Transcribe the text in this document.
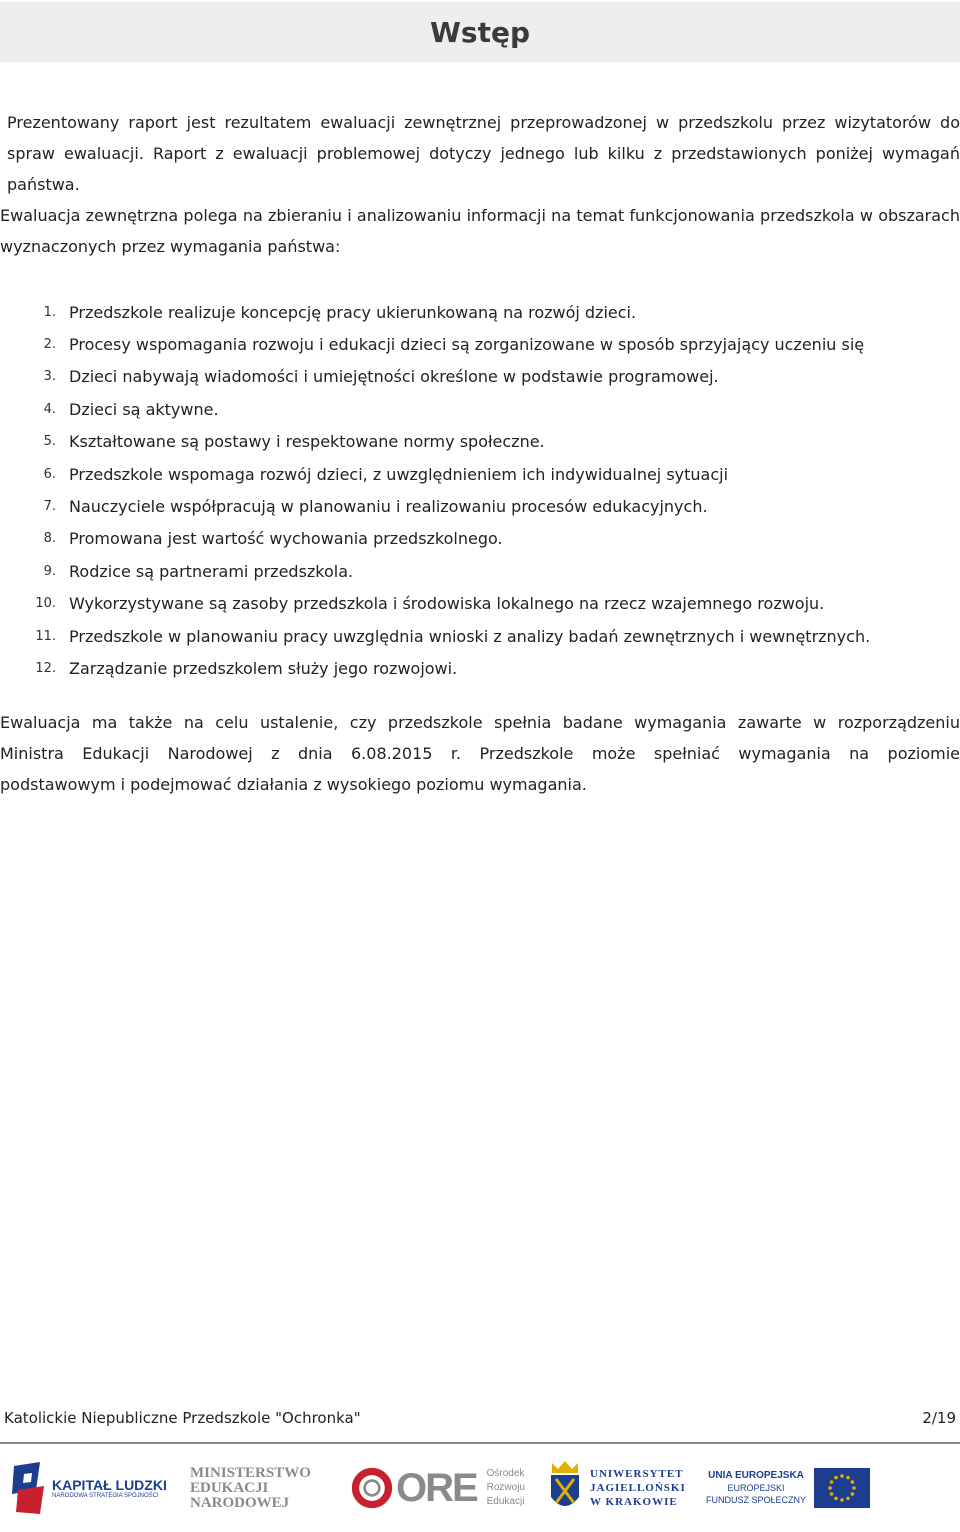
Wstęp

Prezentowany raport jest rezultatem ewaluacji zewnętrznej przeprowadzonej w przedszkolu przez wizytatorów do spraw ewaluacji. Raport z ewaluacji problemowej dotyczy jednego lub kilku z przedstawionych poniżej wymagań państwa.

Ewaluacja zewnętrzna polega na zbieraniu i analizowaniu informacji na temat funkcjonowania przedszkola w obszarach wyznaczonych przez wymagania państwa:

1. Przedszkole realizuje koncepcję pracy ukierunkowaną na rozwój dzieci.
2. Procesy wspomagania rozwoju i edukacji dzieci są zorganizowane w sposób sprzyjający uczeniu się
3. Dzieci nabywają wiadomości i umiejętności określone w podstawie programowej.
4. Dzieci są aktywne.
5. Kształtowane są postawy i respektowane normy społeczne.
6. Przedszkole wspomaga rozwój dzieci, z uwzględnieniem ich indywidualnej sytuacji
7. Nauczyciele współpracują w planowaniu i realizowaniu procesów edukacyjnych.
8. Promowana jest wartość wychowania przedszkolnego.
9. Rodzice są partnerami przedszkola.
10. Wykorzystywane są zasoby przedszkola i środowiska lokalnego na rzecz wzajemnego rozwoju.
11. Przedszkole w planowaniu pracy uwzględnia wnioski z analizy badań zewnętrznych i wewnętrznych.
12. Zarządzanie przedszkolem służy jego rozwojowi.

Ewaluacja ma także na celu ustalenie, czy przedszkole spełnia badane wymagania zawarte w rozporządzeniu

Ministra Edukacji Narodowej z dnia 6.08.2015 r. Przedszkole może spełniać wymagania na poziomie

podstawowym i podejmować działania z wysokiego poziomu wymagania.

Katolickie Niepubliczne Przedszkole "Ochronka"	2/19
KAPITAŁ LUDZKI
NARODOWA STRATEGIA SPÓJNOŚCI
MINISTERSTWO
EDUKACJI
NARODOWEJ	ORE Ośrodek
Rozwoju
Edukacji
UNIWERSYTET
JAGIELLOŃSKI
W KRAKOWIE
UNIA EUROPEJSKA
EUROPEJSKI
FUNDUSZ SPOŁECZNY
